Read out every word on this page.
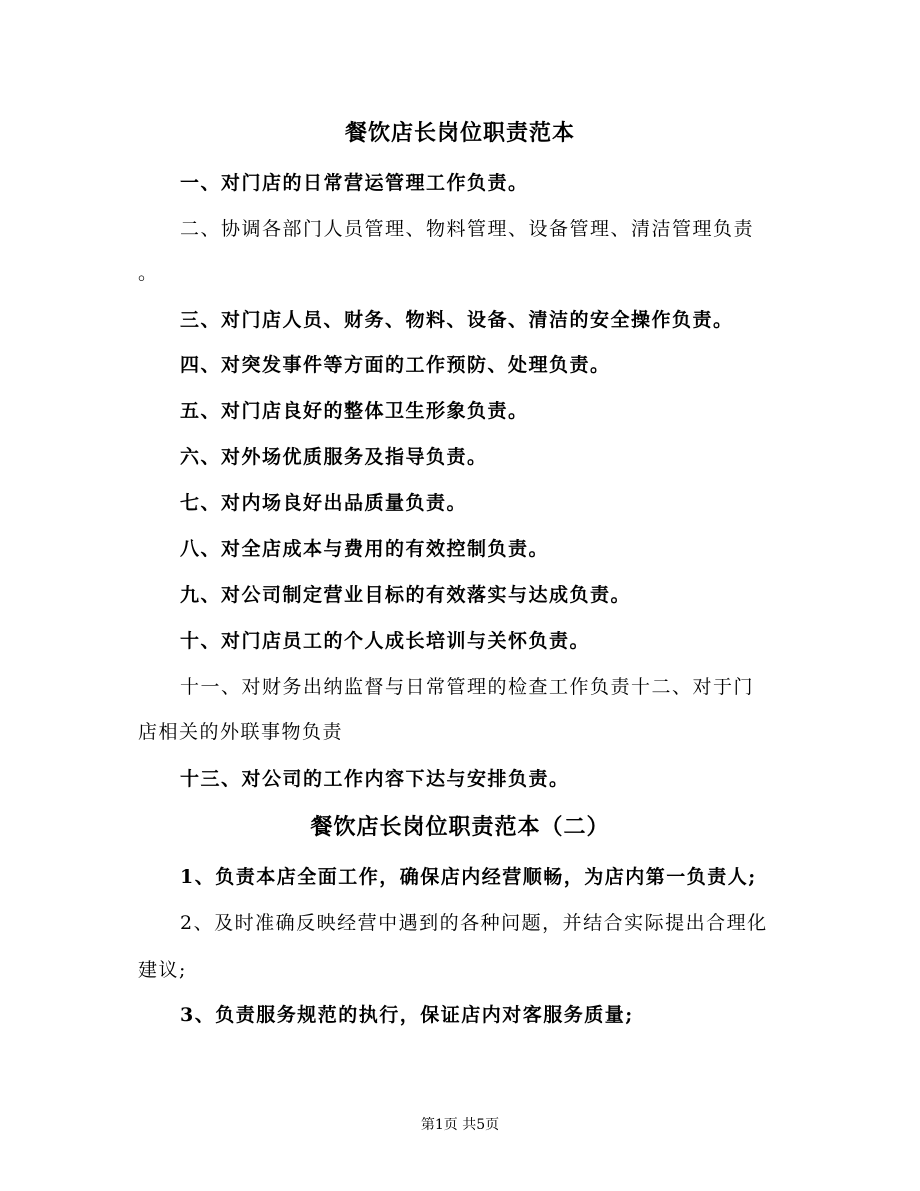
餐饮店长岗位职责范本
一、对门店的日常营运管理工作负责。
二、协调各部门人员管理、物料管理、设备管理、清洁管理负责
。
三、对门店人员、财务、物料、设备、清洁的安全操作负责。
四、对突发事件等方面的工作预防、处理负责。
五、对门店良好的整体卫生形象负责。
六、对外场优质服务及指导负责。
七、对内场良好出品质量负责。
八、对全店成本与费用的有效控制负责。
九、对公司制定营业目标的有效落实与达成负责。
十、对门店员工的个人成长培训与关怀负责。
十一、对财务出纳监督与日常管理的检查工作负责十二、对于门
店相关的外联事物负责
十三、对公司的工作内容下达与安排负责。
餐饮店长岗位职责范本（二）
1、负责本店全面工作，确保店内经营顺畅，为店内第一负责人;
2、及时准确反映经营中遇到的各种问题，并结合实际提出合理化
建议;
3、负责服务规范的执行，保证店内对客服务质量;
第1页 共5页
